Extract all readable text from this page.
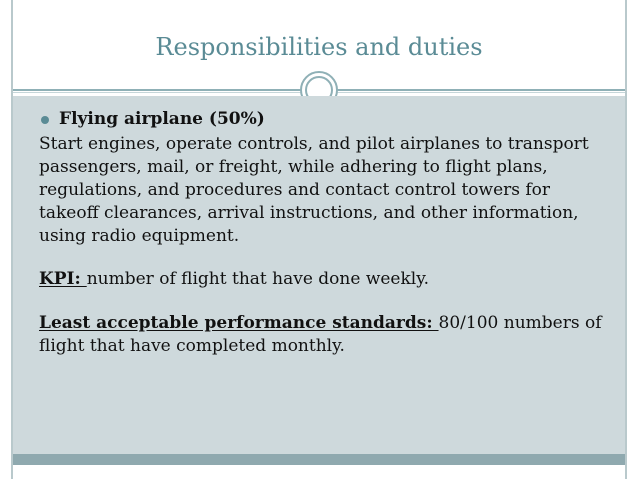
Responsibilities and duties
Flying airplane (50%)

Start engines, operate controls, and pilot airplanes to transport passengers, mail, or freight, while adhering to flight plans, regulations, and procedures and contact control towers for takeoff clearances, arrival instructions, and other information, using radio equipment.

KPI: number of flight that have done weekly.

Least acceptable performance standards: 80/100 numbers of flight that have completed monthly.
